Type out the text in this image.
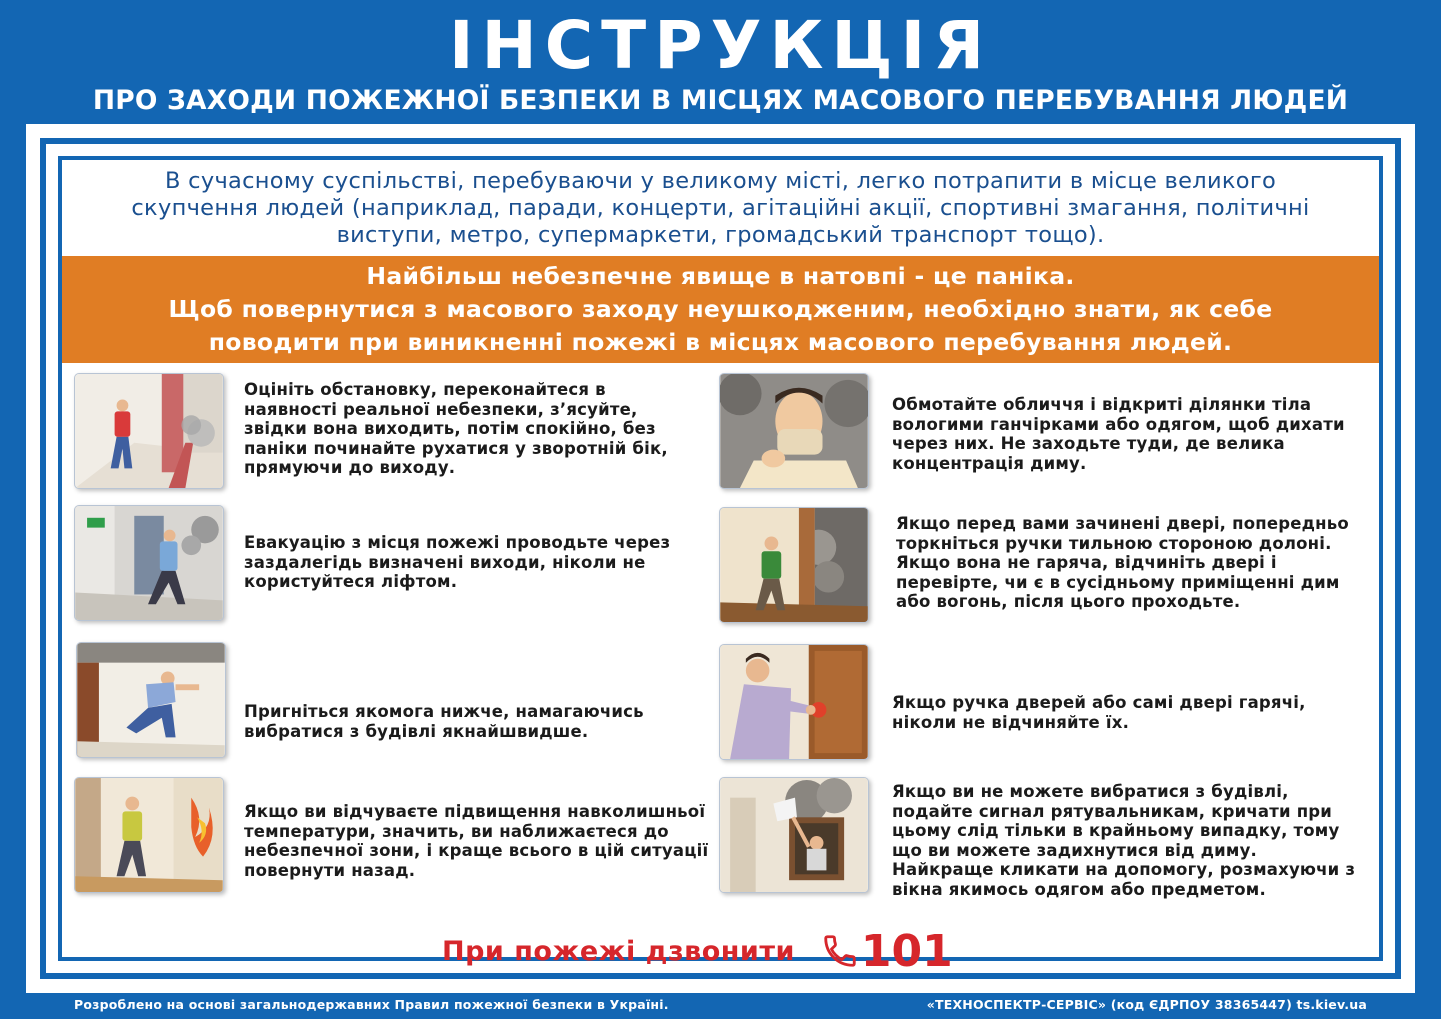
ІНСТРУКЦІЯ
ПРО ЗАХОДИ ПОЖЕЖНОЇ БЕЗПЕКИ В МІСЦЯХ МАСОВОГО ПЕРЕБУВАННЯ ЛЮДЕЙ
В сучасному суспільстві, перебуваючи у великому місті, легко потрапити в місце великого
скупчення людей (наприклад, паради, концерти, агітаційні акції, спортивні змагання, політичні
виступи, метро, супермаркети, громадський транспорт тощо).
Найбільш небезпечне явище в натовпі - це паніка.
Щоб повернутися з масового заходу неушкодженим, необхідно знати, як себе
поводити при виникненні пожежі в місцях масового перебування людей.
Оцініть обстановку, переконайтеся в
наявності реальної небезпеки, з’ясуйте,
звідки вона виходить, потім спокійно, без
паніки починайте рухатися у зворотній бік,
прямуючи до виходу.
Обмотайте обличчя і відкриті ділянки тіла
вологими ганчірками або одягом, щоб дихати
через них. Не заходьте туди, де велика
концентрація диму.
Евакуацію з місця пожежі проводьте через
заздалегідь визначені виходи, ніколи не
користуйтеся ліфтом.
Якщо перед вами зачинені двері, попередньо
торкніться ручки тильною стороною долоні.
Якщо вона не гаряча, відчиніть двері і
перевірте, чи є в сусідньому приміщенні дим
або вогонь, після цього проходьте.
Пригніться якомога нижче, намагаючись
вибратися з будівлі якнайшвидше.
Якщо ручка дверей або самі двері гарячі,
ніколи не відчиняйте їх.
Якщо ви відчуваєте підвищення навколишньої
температури, значить, ви наближаєтеся до
небезпечної зони, і краще всього в цій ситуації
повернути назад.
Якщо ви не можете вибратися з будівлі,
подайте сигнал рятувальникам, кричати при
цьому слід тільки в крайньому випадку, тому
що ви можете задихнутися від диму.
Найкраще кликати на допомогу, розмахуючи з
вікна якимось одягом або предметом.
При пожежі дзвонити 101
Розроблено на основі загальнодержавних Правил пожежної безпеки в Україні.	«ТЕХНОСПЕКТР-СЕРВІС» (код ЄДРПОУ 38365447) ts.kiev.ua
